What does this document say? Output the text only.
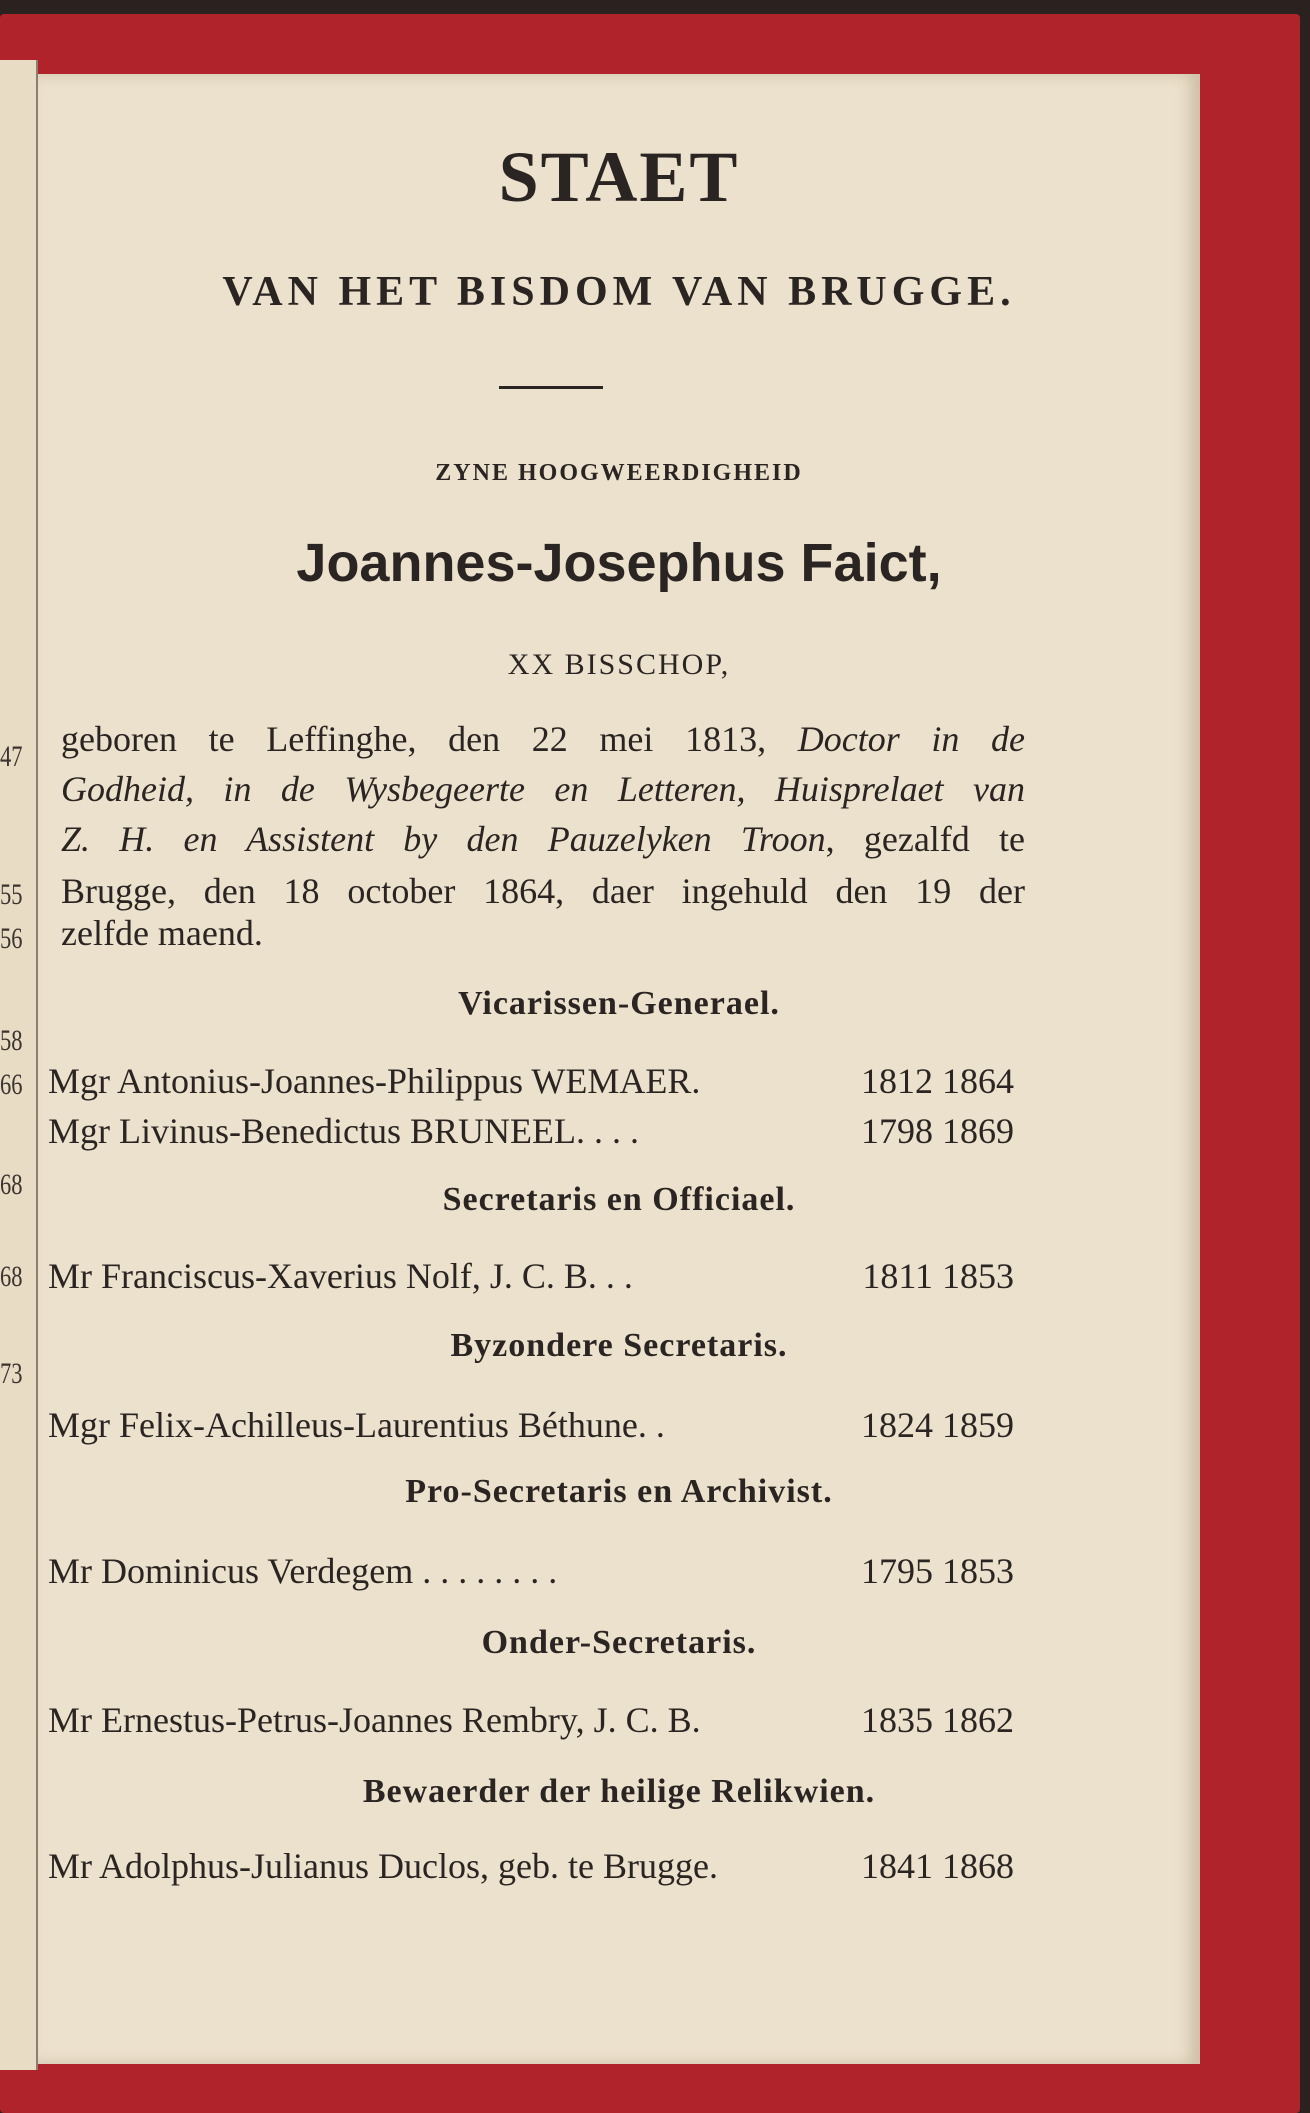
47
55
56
58
66
68
68
73
STAET
VAN HET BISDOM VAN BRUGGE.
ZYNE HOOGWEERDIGHEID
Joannes-Josephus Faict,
XX BISSCHOP,
geboren te Leffinghe, den 22 mei 1813, Doctor in de
Godheid, in de Wysbegeerte en Letteren, Huisprelaet van
Z. H. en Assistent by den Pauzelyken Troon, gezalfd te
Brugge, den 18 october 1864, daer ingehuld den 19 der
zelfde maend.
Vicarissen-Generael.
Mgr Antonius-Joannes-Philippus WEMAER.	1812 1864
Mgr Livinus-Benedictus BRUNEEL. . . .	1798 1869
Secretaris en Officiael.
Mr Franciscus-Xaverius Nolf, J. C. B. . .	1811 1853
Byzondere Secretaris.
Mgr Felix-Achilleus-Laurentius Béthune. .	1824 1859
Pro-Secretaris en Archivist.
Mr Dominicus Verdegem . . . . . . . .	1795 1853
Onder-Secretaris.
Mr Ernestus-Petrus-Joannes Rembry, J. C. B.	1835 1862
Bewaerder der heilige Relikwien.
Mr Adolphus-Julianus Duclos, geb. te Brugge.	1841 1868
